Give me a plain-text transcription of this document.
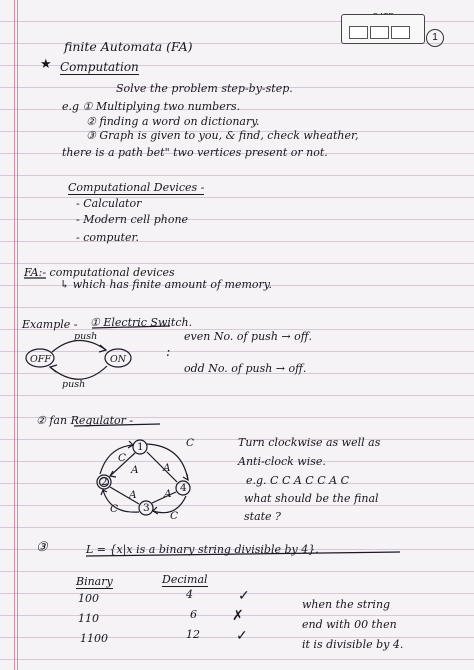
1
finite Automata (FA)
★ Computation
Solve the problem step-by-step.
e.g ① Multiplying two numbers.
② finding a word on dictionary.
③ Graph is given to you, & find, check wheather,
there is a path bet" two vertices present or not.
Computational Devices -
- Calculator
- Modern cell phone
- computer.
FA:- computational devices
↳ which has finite amount of memory.
Example - ① Electric Switch.
even No. of push → off.
odd No. of push → off.
:
OFF	ON
push
push
② fan Regulator -
Turn clockwise as well as
Anti-clock wise.
e.g. C C A C C A C
what should be the final
state ?
1
2
3
4
C
C
C
C
A A
A	A
③	L = {x|x is a binary string divisible by 4}.
Binary	Decimal
100	4	✓
110	6	✗
1100	12	✓
when the string
end with 00 then
it is divisible by 4.
